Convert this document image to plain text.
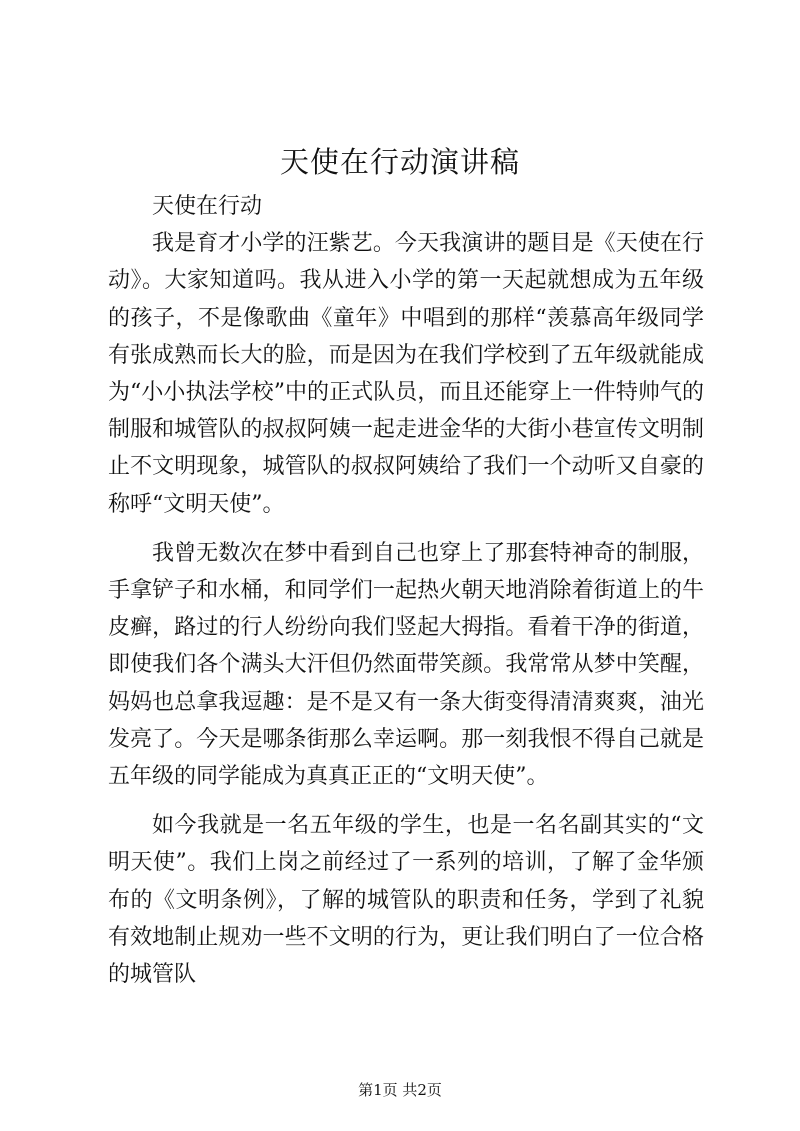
天使在行动演讲稿

天使在行动

我是育才小学的汪紫艺。今天我演讲的题目是《天使在行动》。大家知道吗。我从进入小学的第一天起就想成为五年级的孩子，不是像歌曲《童年》中唱到的那样“羡慕高年级同学有张成熟而长大的脸，而是因为在我们学校到了五年级就能成为“小小执法学校”中的正式队员，而且还能穿上一件特帅气的制服和城管队的叔叔阿姨一起走进金华的大街小巷宣传文明制止不文明现象，城管队的叔叔阿姨给了我们一个动听又自豪的称呼“文明天使”。

我曾无数次在梦中看到自己也穿上了那套特神奇的制服，手拿铲子和水桶，和同学们一起热火朝天地消除着街道上的牛皮癣，路过的行人纷纷向我们竖起大拇指。看着干净的街道，即使我们各个满头大汗但仍然面带笑颜。我常常从梦中笑醒，妈妈也总拿我逗趣：是不是又有一条大街变得清清爽爽，油光发亮了。今天是哪条街那么幸运啊。那一刻我恨不得自己就是五年级的同学能成为真真正正的“文明天使”。

如今我就是一名五年级的学生，也是一名名副其实的“文明天使”。我们上岗之前经过了一系列的培训，了解了金华颁布的《文明条例》，了解的城管队的职责和任务，学到了礼貌有效地制止规劝一些不文明的行为，更让我们明白了一位合格的城管队

第1页 共2页
